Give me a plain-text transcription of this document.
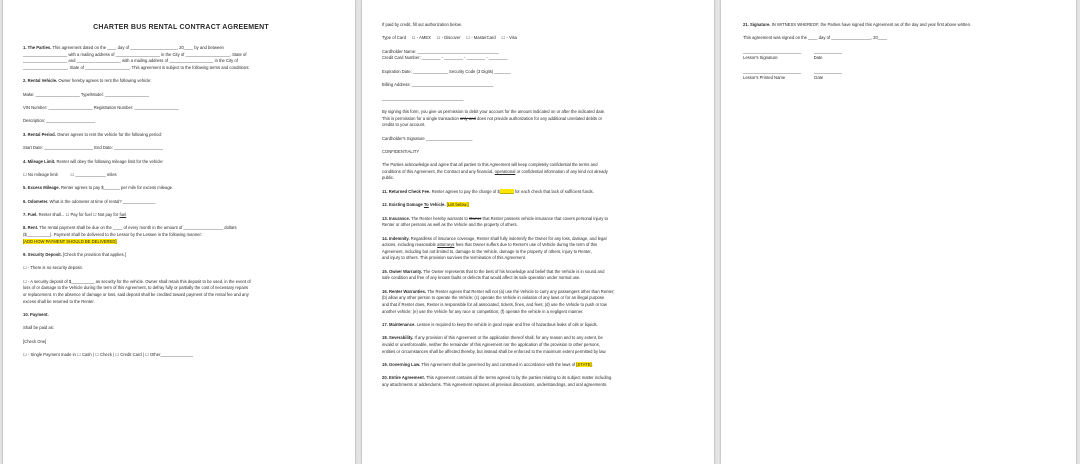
CHARTER BUS RENTAL CONTRACT AGREEMENT
1. The Parties. This agreement dated on the ____ day of ____________________, 20____ by and between
___________________ with a mailing address of ___________________ in the City of ___________________, State of
___________________ and ___________________ with a mailing address of ___________________ in the City of
___________________, State of ___________________. This agreement is subject to the following terms and conditions:
2. Rental Vehicle. Owner hereby agrees to rent the following vehicle:
Make: ___________________ Type/Model: ___________________
VIN Number: ___________________ Registration Number: ___________________
Description: _____________________
3. Rental Period. Owner agrees to rent the vehicle for the following period:
Start Date: _____________________ End Date: _____________________
4. Mileage Limit. Renter will obey the following mileage limit for the vehicle:
☐ No mileage limit           ☐ _____________ miles
5. Excess Mileage. Renter agrees to pay $_______ per mile for excess mileage.
6. Odometer. What is the odometer at time of rental? ______________
7. Fuel. Renter shall... ☐ Pay for fuel ☐ Not pay for fuel
8. Rent. The rental payment shall be due on the ____ of every month in the amount of _________________ dollars
($__________). Payment shall be delivered to the Lessor by the Lessee in the following manner:
[ADD HOW PAYMENT SHOULD BE DELIVERED]
9. Security Deposit. [Check the provision that applies.]
☐ - There is no security deposit.
☐ - A security deposit of $__________ as security for the vehicle. Owner shall retain this deposit to be used, in the event of
loss of or damage to the Vehicle during the term of this Agreement, to defray fully or partially the cost of necessary repairs
or replacement. In the absence of damage or loss, said deposit shall be credited toward payment of the rental fee and any
excess shall be returned to the Renter.
10. Payment.
Shall be paid as:
[Check One]
☐ - Single Payment made in ☐ Cash | ☐ Check | ☐ Credit Card | ☐ Other______________
If paid by credit, fill out authorization below.
Type of Card     ☐ - AMEX     ☐ - Discover     ☐ - MasterCard     ☐ - Visa
Cardholder Name: ___________________________________
Credit Card Number: ________ - ________ - ________ - ________
Expiration Date: _______________ Security Code (3 Digits) _______
Billing Address: ___________________________________
___________________________________
By signing this form, you give us permission to debit your account for the amount indicated on or after the indicated date.
This is permission for a single transaction only and does not provide authorization for any additional unrelated debits or
credits to your account.
Cardholder's Signature ____________________
CONFIDENTIALITY
The Parties acknowledge and agree that all parties to this Agreement will keep completely confidential the terms and
conditions of this Agreement, the Contract and any financial, operational or confidential information of any kind not already
public.
11. Returned Check Fee. Renter agrees to pay the charge of $______ for each check that lack of sufficient funds.
12. Existing Damage To Vehicle. [List below.]
13. Insurance. The Renter hereby warrants to Owner that Renter possess vehicle insurance that covers personal injury to
Renter or other persons as well as the Vehicle and the property of others.
14. Indemnity. Regardless of insurance coverage, Renter shall fully indemnify the Owner for any loss, damage, and legal
actions, including reasonable attorneys fees that Owner suffers due to Renter's use of Vehicle during the term of this
Agreement, including but not limited to, damage to the Vehicle, damage to the property of others, injury to Renter,
and injury to others. This provision survives the termination of this Agreement.
15. Owner Warranty. The Owner represents that to the best of his knowledge and belief that the Vehicle is in sound and
safe condition and free of any known faults or defects that would affect its safe operation under normal use.
16. Renter Warranties. The Renter agrees that Renter will not (a) use the Vehicle to carry any passengers other than Renter;
(b) allow any other person to operate the Vehicle; (c) operate the Vehicle in violation of any laws or for an illegal purpose
and that if Renter does, Renter is responsible for all associated, tickets, fines, and fees; (d) use the Vehicle to push or tow
another vehicle; (e) use the Vehicle for any race or competition; (f) operate the vehicle in a negligent manner.
17. Maintenance. Lessee is required to keep the vehicle in good repair and free of hazardous leaks of oils or liquids.
18. Severability. If any provision of this Agreement or the application thereof shall, for any reason and to any extent, be
invalid or unenforceable, neither the remainder of this Agreement nor the application of the provision to other persons,
entities or circumstances shall be affected thereby, but instead shall be enforced to the maximum extent permitted by law.
19. Governing Law. This Agreement shall be governed by and construed in accordance with the laws of [STATE].
20. Entire Agreement. This Agreement contains all the terms agreed to by the parties relating to its subject matter including
any attachments or addendums. This Agreement replaces all previous discussions, understandings, and oral agreements.
21. Signature. IN WITNESS WHEREOF, the Parties have signed this Agreement as of the day and year first above written.
This agreement was signed on the ____ day of _________________, 20____
_________________________           ____________
Lessor's Signature                               Date
_________________________           ____________
Lessor's Printed Name                         Date
